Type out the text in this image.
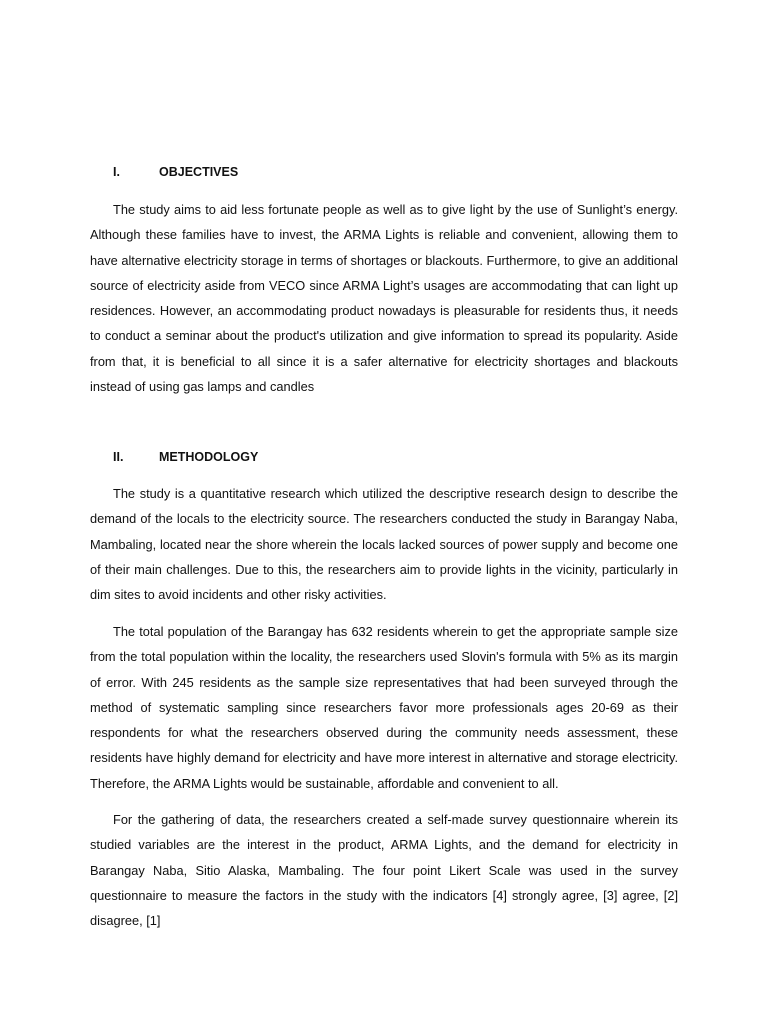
I.	OBJECTIVES

The study aims to aid less fortunate people as well as to give light by the use of Sunlight’s energy. Although these families have to invest, the ARMA Lights is reliable and convenient, allowing them to have alternative electricity storage in terms of shortages or blackouts. Furthermore, to give an additional source of electricity aside from VECO since ARMA Light’s usages are accommodating that can light up residences. However, an accommodating product nowadays is pleasurable for residents thus, it needs to conduct a seminar about the product's utilization and give information to spread its popularity. Aside from that, it is beneficial to all since it is a safer alternative for electricity shortages and blackouts instead of using gas lamps and candles

II.	METHODOLOGY

The study is a quantitative research which utilized the descriptive research design to describe the demand of the locals to the electricity source. The researchers conducted the study in Barangay Naba, Mambaling, located near the shore wherein the locals lacked sources of power supply and become one of their main challenges. Due to this, the researchers aim to provide lights in the vicinity, particularly in dim sites to avoid incidents and other risky activities.

The total population of the Barangay has 632 residents wherein to get the appropriate sample size from the total population within the locality, the researchers used Slovin's formula with 5% as its margin of error. With 245 residents as the sample size representatives that had been surveyed through the method of systematic sampling since researchers favor more professionals ages 20-69 as their respondents for what the researchers observed during the community needs assessment, these residents have highly demand for electricity and have more interest in alternative and storage electricity. Therefore, the ARMA Lights would be sustainable, affordable and convenient to all.

For the gathering of data, the researchers created a self-made survey questionnaire wherein its studied variables are the interest in the product, ARMA Lights, and the demand for electricity in Barangay Naba, Sitio Alaska, Mambaling. The four point Likert Scale was used in the survey questionnaire to measure the factors in the study with the indicators [4] strongly agree, [3] agree, [2] disagree, [1]
